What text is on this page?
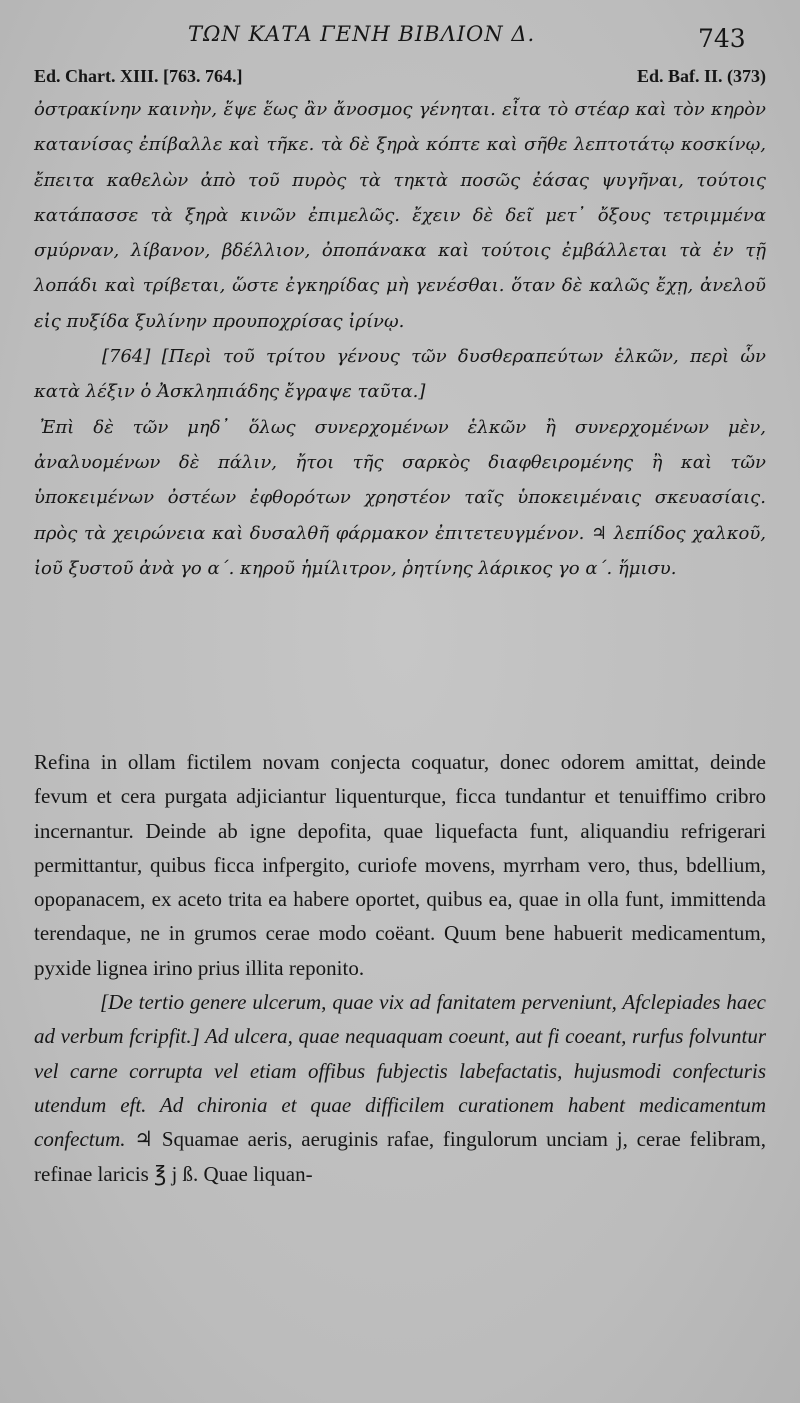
ΤΩΝ ΚΑΤΑ ΓΕΝΗ ΒΙΒΛΙΟΝ Δ.	743
Ed. Chart. XIII. [763. 764.]	Ed. Baf. II. (373)

ὀστρακίνην καινὴν, ἕψε ἕως ἂν ἄνοσμος γένηται. εἶτα τὸ στέαρ καὶ τὸν κηρὸν κατανίσας ἐπίβαλλε καὶ τῆκε. τὰ δὲ ξηρὰ κόπτε καὶ σῆθε λεπτοτάτῳ κοσκίνῳ, ἔπειτα καθελὼν ἀπὸ τοῦ πυρὸς τὰ τηκτὰ ποσῶς ἐάσας ψυγῆναι, τούτοις κατάπασσε τὰ ξηρὰ κινῶν ἐπιμελῶς. ἔχειν δὲ δεῖ μετ᾽ ὄξους τετριμμένα σμύρναν, λίβανον, βδέλλιον, ὀποπάνακα καὶ τούτοις ἐμβάλλεται τὰ ἐν τῇ λοπάδι καὶ τρίβεται, ὥστε ἐγκηρίδας μὴ γενέσθαι. ὅταν δὲ καλῶς ἔχῃ, ἀνελοῦ εἰς πυξίδα ξυλίνην προυποχρίσας ἰρίνῳ.

[764] [Περὶ τοῦ τρίτου γένους τῶν δυσθεραπεύτων ἑλκῶν, περὶ ὧν κατὰ λέξιν ὁ Ἀσκληπιάδης ἔγραψε ταῦτα.]

Ἐπὶ δὲ τῶν μηδ᾽ ὅλως συνερχομένων ἑλκῶν ἢ συνερχομένων μὲν, ἀναλυομένων δὲ πάλιν, ἤτοι τῆς σαρκὸς διαφθειρομένης ἢ καὶ τῶν ὑποκειμένων ὀστέων ἐφθορότων χρηστέον ταῖς ὑποκειμέναις σκευασίαις. πρὸς τὰ χειρώνεια καὶ δυσαλθῆ φάρμακον ἐπιτετευγμένον. ♃ λεπίδος χαλκοῦ, ἰοῦ ξυστοῦ ἀνὰ γο α΄. κηροῦ ἡμίλιτρον, ῥητίνης λάρικος γο α΄. ἥμισυ.

Refina in ollam fictilem novam conjecta coquatur, donec odorem amittat, deinde fevum et cera purgata adjiciantur liquenturque, ficca tundantur et tenuiffimo cribro incernantur. Deinde ab igne depofita, quae liquefacta funt, aliquandiu refrigerari permittantur, quibus ficca infpergito, curiofe movens, myrrham vero, thus, bdellium, opopanacem, ex aceto trita ea habere oportet, quibus ea, quae in olla funt, immittenda terendaque, ne in grumos cerae modo coëant. Quum bene habuerit medicamentum, pyxide lignea irino prius illita reponito.

[De tertio genere ulcerum, quae vix ad fanitatem perveniunt, Afclepiades haec ad verbum fcripfit.] Ad ulcera, quae nequaquam coeunt, aut fi coeant, rurfus folvuntur vel carne corrupta vel etiam offibus fubjectis labefactatis, hujusmodi confecturis utendum eft. Ad chironia et quae difficilem curationem habent medicamentum confectum. ♃ Squamae aeris, aeruginis rafae, fingulorum unciam j, cerae felibram, refinae laricis ℥ j ß. Quae liquan-
